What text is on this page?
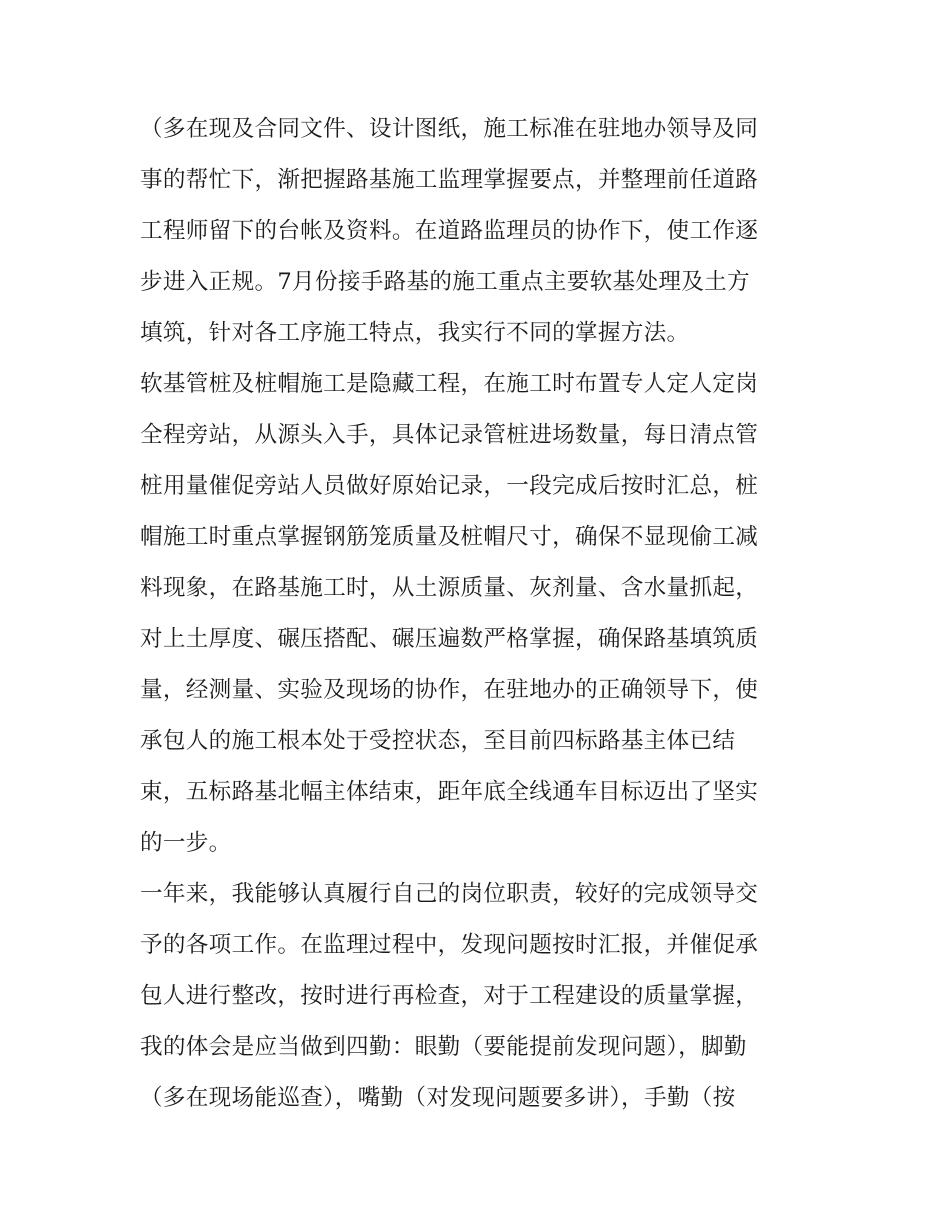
（多在现及合同文件、设计图纸，施工标准在驻地办领导及同
事的帮忙下，渐把握路基施工监理掌握要点，并整理前任道路
工程师留下的台帐及资料。在道路监理员的协作下，使工作逐
步进入正规。7月份接手路基的施工重点主要软基处理及土方
填筑，针对各工序施工特点，我实行不同的掌握方法。
软基管桩及桩帽施工是隐藏工程，在施工时布置专人定人定岗
全程旁站，从源头入手，具体记录管桩进场数量，每日清点管
桩用量催促旁站人员做好原始记录，一段完成后按时汇总，桩
帽施工时重点掌握钢筋笼质量及桩帽尺寸，确保不显现偷工减
料现象，在路基施工时，从土源质量、灰剂量、含水量抓起，
对上土厚度、碾压搭配、碾压遍数严格掌握，确保路基填筑质
量，经测量、实验及现场的协作，在驻地办的正确领导下，使
承包人的施工根本处于受控状态，至目前四标路基主体已结
束，五标路基北幅主体结束，距年底全线通车目标迈出了坚实
的一步。
一年来，我能够认真履行自己的岗位职责，较好的完成领导交
予的各项工作。在监理过程中，发现问题按时汇报，并催促承
包人进行整改，按时进行再检查，对于工程建设的质量掌握，
我的体会是应当做到四勤：眼勤（要能提前发现问题），脚勤
（多在现场能巡查），嘴勤（对发现问题要多讲），手勤（按
